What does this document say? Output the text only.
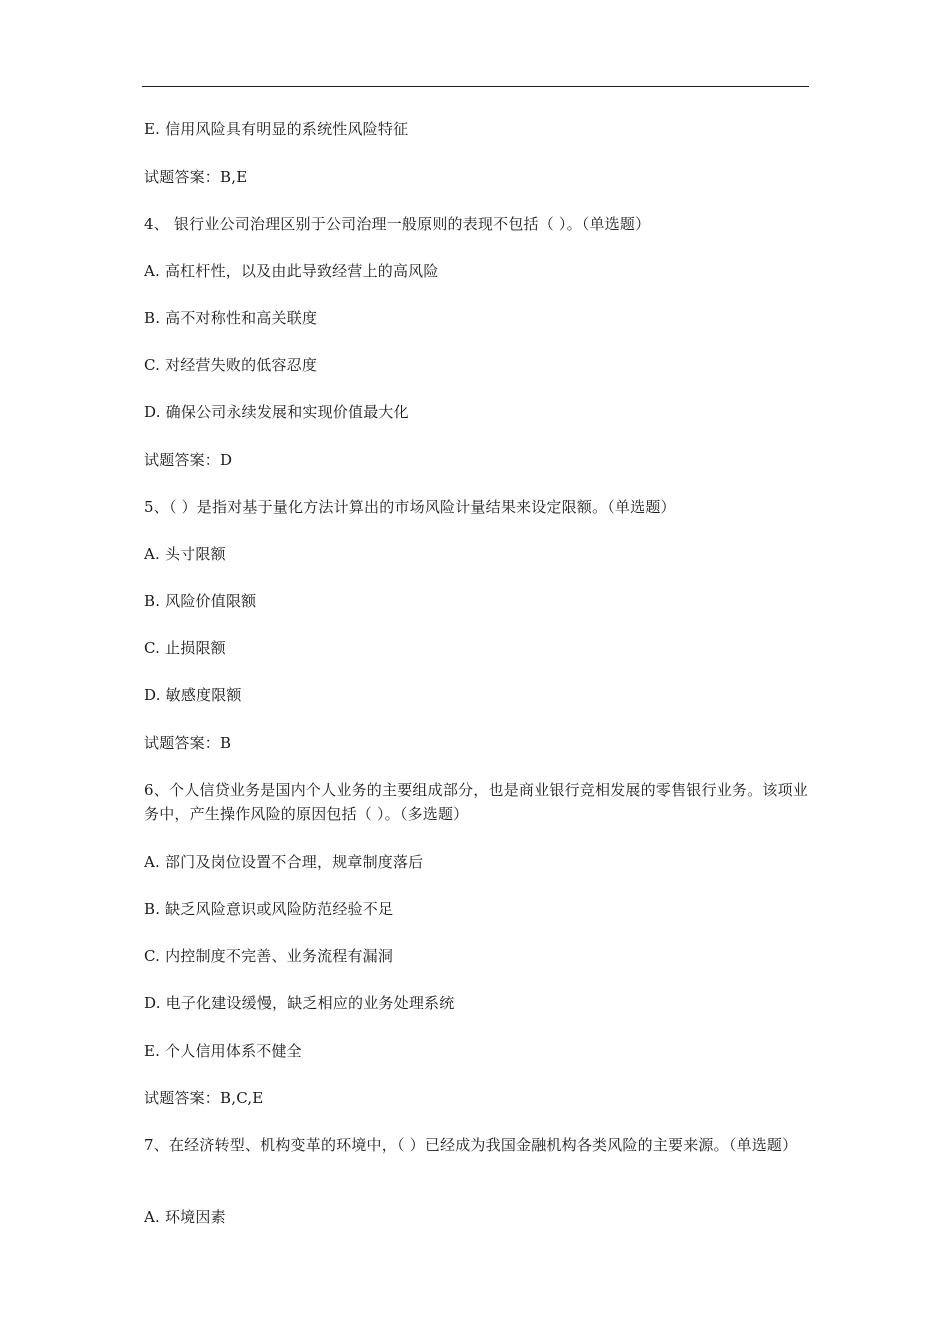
E. 信用风险具有明显的系统性风险特征
试题答案：B,E
4、 银行业公司治理区别于公司治理一般原则的表现不包括（ ）。（单选题）
A. 高杠杆性，以及由此导致经营上的高风险
B. 高不对称性和高关联度
C. 对经营失败的低容忍度
D. 确保公司永续发展和实现价值最大化
试题答案：D
5、（ ）是指对基于量化方法计算出的市场风险计量结果来设定限额。（单选题）
A. 头寸限额
B. 风险价值限额
C. 止损限额
D. 敏感度限额
试题答案：B
6、个人信贷业务是国内个人业务的主要组成部分，也是商业银行竞相发展的零售银行业务。该项业务中，产生操作风险的原因包括（ ）。（多选题）
A. 部门及岗位设置不合理，规章制度落后
B. 缺乏风险意识或风险防范经验不足
C. 内控制度不完善、业务流程有漏洞
D. 电子化建设缓慢，缺乏相应的业务处理系统
E. 个人信用体系不健全
试题答案：B,C,E
7、在经济转型、机构变革的环境中，（ ）已经成为我国金融机构各类风险的主要来源。（单选题）
A. 环境因素
